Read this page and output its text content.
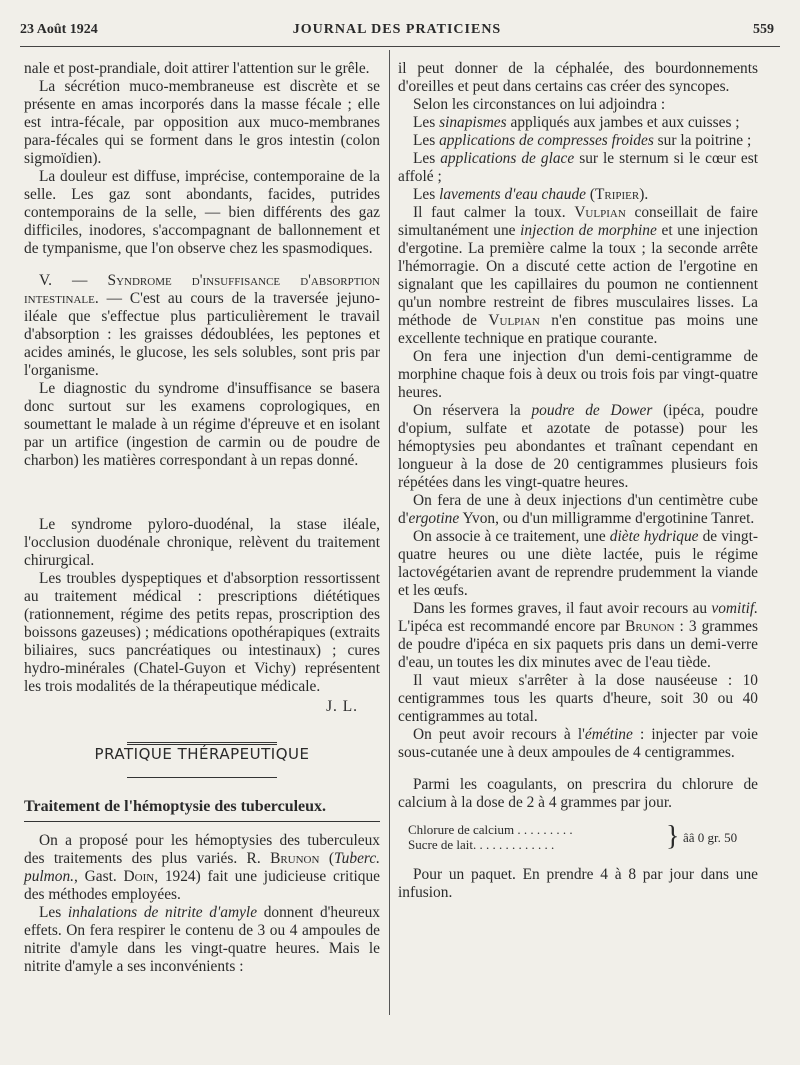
23 Août 1924	JOURNAL DES PRATICIENS	559

nale et post-prandiale, doit attirer l'attention sur le grêle.

La sécrétion muco-membraneuse est discrète et se présente en amas incorporés dans la masse fécale ; elle est intra-fécale, par opposition aux muco-membranes para-fécales qui se forment dans le gros intestin (colon sigmoïdien).

La douleur est diffuse, imprécise, contemporaine de la selle. Les gaz sont abondants, facides, putrides contemporains de la selle, — bien différents des gaz difficiles, inodores, s'accompagnant de ballonnement et de tympanisme, que l'on observe chez les spasmodiques.

V. — Syndrome d'insuffisance d'absorption intestinale. — C'est au cours de la traversée jejuno-iléale que s'effectue plus particulièrement le travail d'absorption : les graisses dédoublées, les peptones et acides aminés, le glucose, les sels solubles, sont pris par l'organisme.

Le diagnostic du syndrome d'insuffisance se basera donc surtout sur les examens coprologiques, en soumettant le malade à un régime d'épreuve et en isolant par un artifice (ingestion de carmin ou de poudre de charbon) les matières correspondant à un repas donné.

Le syndrome pyloro-duodénal, la stase iléale, l'occlusion duodénale chronique, relèvent du traitement chirurgical.

Les troubles dyspeptiques et d'absorption ressortissent au traitement médical : prescriptions diététiques (rationnement, régime des petits repas, proscription des boissons gazeuses) ; médications opothérapiques (extraits biliaires, sucs pancréatiques ou intestinaux) ; cures hydro-minérales (Chatel-Guyon et Vichy) représentent les trois modalités de la thérapeutique médicale.

J. L.

PRATIQUE THÉRAPEUTIQUE

Traitement de l'hémoptysie des tuberculeux.

On a proposé pour les hémoptysies des tuberculeux des traitements des plus variés. R. Brunon (Tuberc. pulmon., Gast. Doin, 1924) fait une judicieuse critique des méthodes employées.

Les inhalations de nitrite d'amyle donnent d'heureux effets. On fera respirer le contenu de 3 ou 4 ampoules de nitrite d'amyle dans les vingt-quatre heures. Mais le nitrite d'amyle a ses inconvénients :

il peut donner de la céphalée, des bourdonnements d'oreilles et peut dans certains cas créer des syncopes.

Selon les circonstances on lui adjoindra :

Les sinapismes appliqués aux jambes et aux cuisses ;

Les applications de compresses froides sur la poitrine ;

Les applications de glace sur le sternum si le cœur est affolé ;

Les lavements d'eau chaude (Tripier).

Il faut calmer la toux. Vulpian conseillait de faire simultanément une injection de morphine et une injection d'ergotine. La première calme la toux ; la seconde arrête l'hémorragie. On a discuté cette action de l'ergotine en signalant que les capillaires du poumon ne contiennent qu'un nombre restreint de fibres musculaires lisses. La méthode de Vulpian n'en constitue pas moins une excellente technique en pratique courante.

On fera une injection d'un demi-centigramme de morphine chaque fois à deux ou trois fois par vingt-quatre heures.

On réservera la poudre de Dower (ipéca, poudre d'opium, sulfate et azotate de potasse) pour les hémoptysies peu abondantes et traînant cependant en longueur à la dose de 20 centigrammes plusieurs fois répétées dans les vingt-quatre heures.

On fera de une à deux injections d'un centimètre cube d'ergotine Yvon, ou d'un milligramme d'ergotinine Tanret.

On associe à ce traitement, une diète hydrique de vingt-quatre heures ou une diète lactée, puis le régime lactovégétarien avant de reprendre prudemment la viande et les œufs.

Dans les formes graves, il faut avoir recours au vomitif. L'ipéca est recommandé encore par Brunon : 3 grammes de poudre d'ipéca en six paquets pris dans un demi-verre d'eau, un toutes les dix minutes avec de l'eau tiède.

Il vaut mieux s'arrêter à la dose nauséeuse : 10 centigrammes tous les quarts d'heure, soit 30 ou 40 centigrammes au total.

On peut avoir recours à l'émétine : injecter par voie sous-cutanée une à deux ampoules de 4 centigrammes.

Parmi les coagulants, on prescrira du chlorure de calcium à la dose de 2 à 4 grammes par jour.

Chlorure de calcium . . . . . . . . .
Sucre de lait. . . . . . . . . . . . .	} ââ 0 gr. 50

Pour un paquet. En prendre 4 à 8 par jour dans une infusion.
